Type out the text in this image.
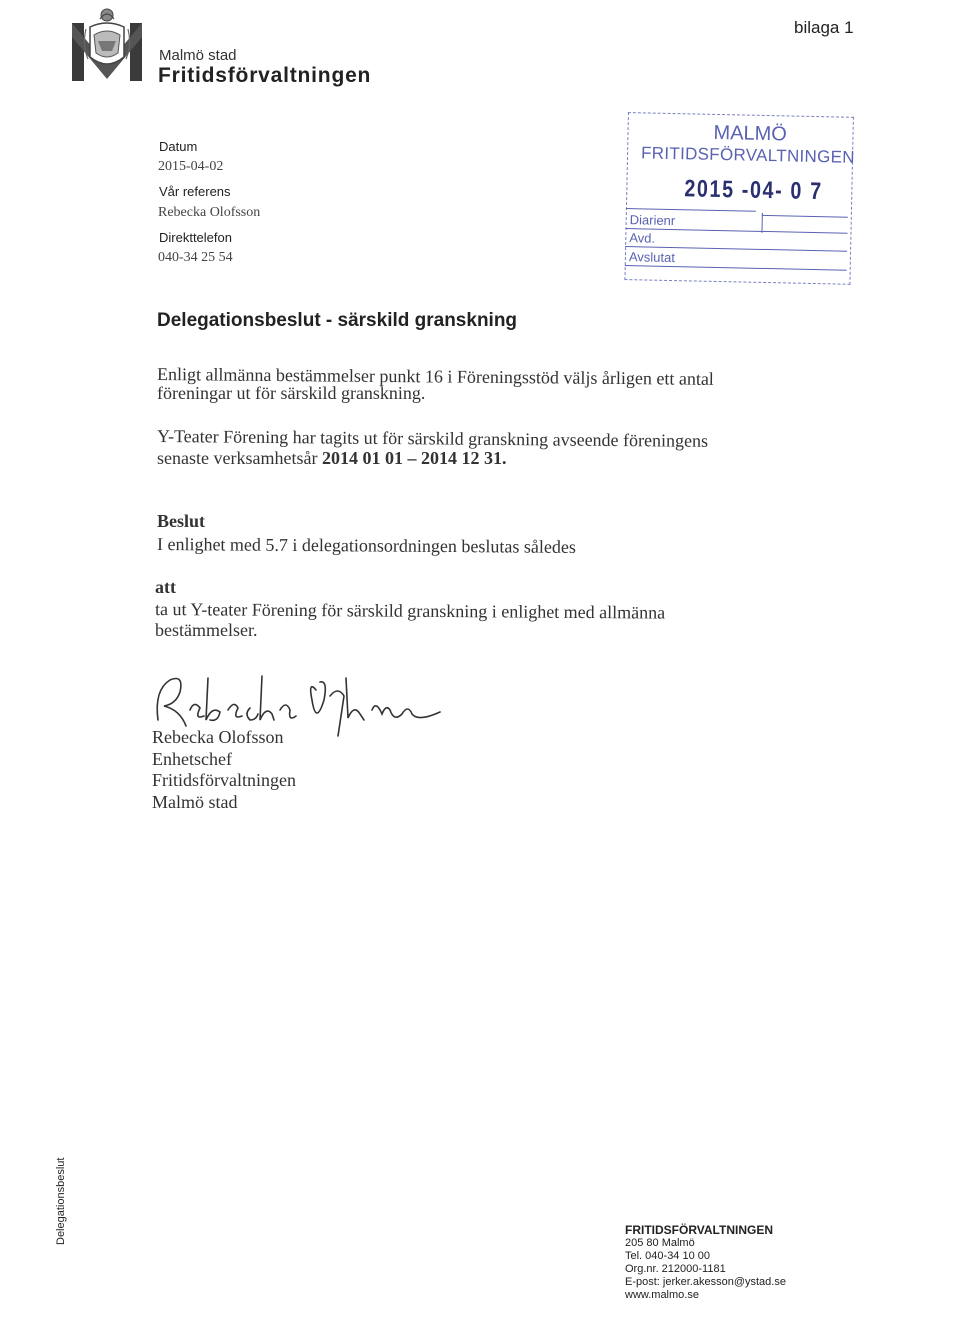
bilaga 1
Malmö stad
Fritidsförvaltningen
Datum
2015-04-02
Vår referens
Rebecka Olofsson
Direkttelefon
040-34 25 54
MALMÖ
FRITIDSFÖRVALTNINGEN
2015 -04- 0 7
Diarienr
Avd.
Avslutat
Delegationsbeslut - särskild granskning
Enligt allmänna bestämmelser punkt 16 i Föreningsstöd väljs årligen ett antal
föreningar ut för särskild granskning.
Y-Teater Förening har tagits ut för särskild granskning avseende föreningens
senaste verksamhetsår 2014 01 01 – 2014 12 31.
Beslut
I enlighet med 5.7 i delegationsordningen beslutas således
att
ta ut Y-teater Förening för särskild granskning i enlighet med allmänna
bestämmelser.
Rebecka Olofsson
Enhetschef
Fritidsförvaltningen
Malmö stad
Delegationsbeslut	FRITIDSFÖRVALTNINGEN
205 80 Malmö
Tel. 040-34 10 00
Org.nr. 212000-1181
E-post: jerker.akesson@ystad.se
www.malmo.se
